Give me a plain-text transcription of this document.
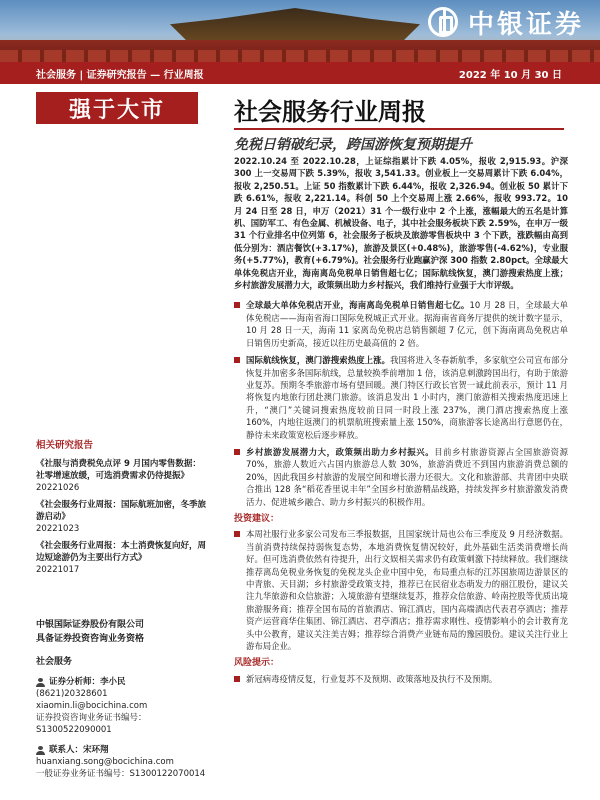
中银证券
社会服务 | 证券研究报告 — 行业周报	2022 年 10 月 30 日
强于大市	社会服务行业周报
免税日销破纪录，跨国游恢复预期提升
相关研究报告
《社服与消费税免点评 9 月国内零售数据：社零增速放缓，可选消费需求仍待提振》
20221026
《社会服务行业周报：国际航班加密，冬季旅游启动》
20221023
《社会服务行业周报：本土消费恢复向好，周边短途游仍为主要出行方式》
20221017
中银国际证券股份有限公司
具备证券投资咨询业务资格
社会服务
证券分析师：李小民
(8621)20328601
xiaomin.li@bocichina.com
证券投资咨询业务证书编号：S1300522090001
联系人：宋环翔
huanxiang.song@bocichina.com
一般证券业务证书编号：S1300122070014
2022.10.24 至 2022.10.28，上证综指累计下跌 4.05%，报收 2,915.93。沪深 300 上一交易周下跌 5.39%，报收 3,541.33。创业板上一交易周累计下跌 6.04%，报收 2,250.51。上证 50 指数累计下跌 6.44%，报收 2,326.94。创业板 50 累计下跌 6.61%，报收 2,221.14。科创 50 上个交易周上涨 2.66%，报收 993.72。10 月 24 日至 28 日，申万（2021）31 个一级行业中 2 个上涨，涨幅最大的五名是计算机、国防军工、有色金属、机械设备、电子，其中社会服务板块下跌 2.59%，在申万一级 31 个行业排名中位列第 6，社会服务子板块及旅游零售板块中 3 个下跌，涨跌幅由高到低分别为：酒店餐饮(+3.17%)，旅游及景区(+0.48%)，旅游零售(-4.62%)，专业服务(+5.77%)，教育(+6.79%)。社会服务行业跑赢沪深 300 指数 2.80pct。全球最大单体免税店开业，海南离岛免税单日销售超七亿；国际航线恢复，澳门游搜索热度上涨；乡村旅游发展潜力大，政策频出助力乡村振兴，我们维持行业强于大市评级。
全球最大单体免税店开业，海南离岛免税单日销售超七亿。10 月 28 日，全球最大单体免税店——海南省海口国际免税城正式开业。据海南省商务厅提供的统计数字显示，10 月 28 日一天，海南 11 家离岛免税店总销售额超 7 亿元，创下海南离岛免税店单日销售历史新高，接近以往历史最高值的 2 倍。
国际航线恢复，澳门游搜索热度上涨。我国将进入冬春新航季，多家航空公司宣布部分恢复并加密多条国际航线，总量较换季前增加 1 倍，该消息刺激跨国出行，有助于旅游业复苏。预期冬季旅游市场有望回暖。澳门特区行政长官贺一诚此前表示，预计 11 月将恢复内地旅行团赴澳门旅游。该消息发出 1 小时内，澳门旅游相关搜索热度迅速上升，“澳门”关键词搜索热度较前日同一时段上涨 237%，澳门酒店搜索热度上涨 160%，内地往返澳门的机票航班搜索量上涨 150%，商旅游客长途离出行意愿仍在，静待未来政策宽松后逐步释放。
乡村旅游发展潜力大，政策频出助力乡村振兴。目前乡村旅游资源占全国旅游资源 70%，旅游人数近六占国内旅游总人数 30%，旅游消费近不到国内旅游消费总额的 20%，因此我国乡村旅游的发展空间和增长潜力还很大。文化和旅游部、共青团中央联合推出 128 条“稻花香里说丰年”全国乡村旅游精品线路，持续发挥乡村旅游激发消费活力、促进城乡融合、助力乡村振兴的积极作用。
投资建议：
本周社服行业多家公司发布三季报数据，且国家统计局也公布三季度及 9 月经济数据。当前消费持续保持弱恢复态势，本地消费恢复情况较好，此外基础生活类消费增长尚好。但可选消费依然有待提升，出行文娱相关需求仍有政策刺激下持续释放。我们继续推荐离岛免税业务恢复的免税龙头企业中国中免，布局重点标的江苏国旅周边游景区的中青旅、天目湖；乡村旅游受政策支持，推荐已在民宿业态萌发力的丽江股份，建议关注九华旅游和众信旅游；入境旅游有望继续复苏，推荐众信旅游、岭南控股等优质出境旅游服务商；推荐全国布局的首旅酒店、锦江酒店，国内高端酒店代表君亭酒店；推荐资产运营商华住集团、锦江酒店、君亭酒店；推荐需求刚性、疫情影响小的会计教育龙头中公教育，建议关注美吉姆；推荐综合消费产业链布局的豫园股份。建议关注行业上游布局企业。
风险提示：
新冠病毒疫情反复，行业复苏不及预期、政策落地及执行不及预期。
